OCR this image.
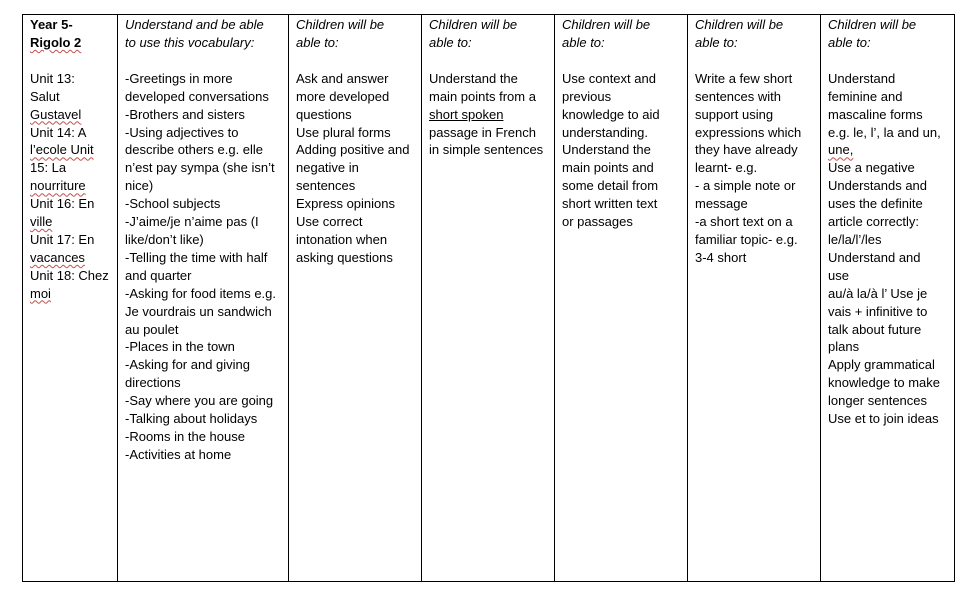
Year 5-
Rigolo 2
Unit 13:
Salut
Gustavel
Unit 14: A
l’ecole Unit
15: La
nourriture
Unit 16: En
ville
Unit 17: En
vacances
Unit 18: Chez
moi

Understand and be able
to use this vocabulary:
-Greetings in more
developed conversations
-Brothers and sisters
-Using adjectives to
describe others e.g. elle
n’est pay sympa (she isn’t
nice)
-School subjects
-J’aime/je n’aime pas (I
like/don’t like)
-Telling the time with half
and quarter
-Asking for food items e.g.
Je vourdrais un sandwich
au poulet
-Places in the town
-Asking for and giving
directions
-Say where you are going
-Talking about holidays
-Rooms in the house
-Activities at home

Children will be
able to:
Ask and answer
more developed
questions
Use plural forms
Adding positive and
negative in
sentences
Express opinions
Use correct
intonation when
asking questions

Children will be
able to:
Understand the
main points from a
short spoken
passage in French
in simple sentences

Children will be
able to:
Use context and
previous
knowledge to aid
understanding.
Understand the
main points and
some detail from
short written text
or passages

Children will be
able to:
Write a few short
sentences with
support using
expressions which
they have already
learnt- e.g.
- a simple note or
message
-a short text on a
familiar topic- e.g.
3-4 short

Children will be
able to:
Understand
feminine and
mascaline forms
e.g. le, l’, la and un,
une,
Use a negative
Understands and
uses the definite
article correctly:
le/la/l’/les
Understand and
use
au/à la/à l’ Use je
vais + infinitive to
talk about future
plans
Apply grammatical
knowledge to make
longer sentences
Use et to join ideas
